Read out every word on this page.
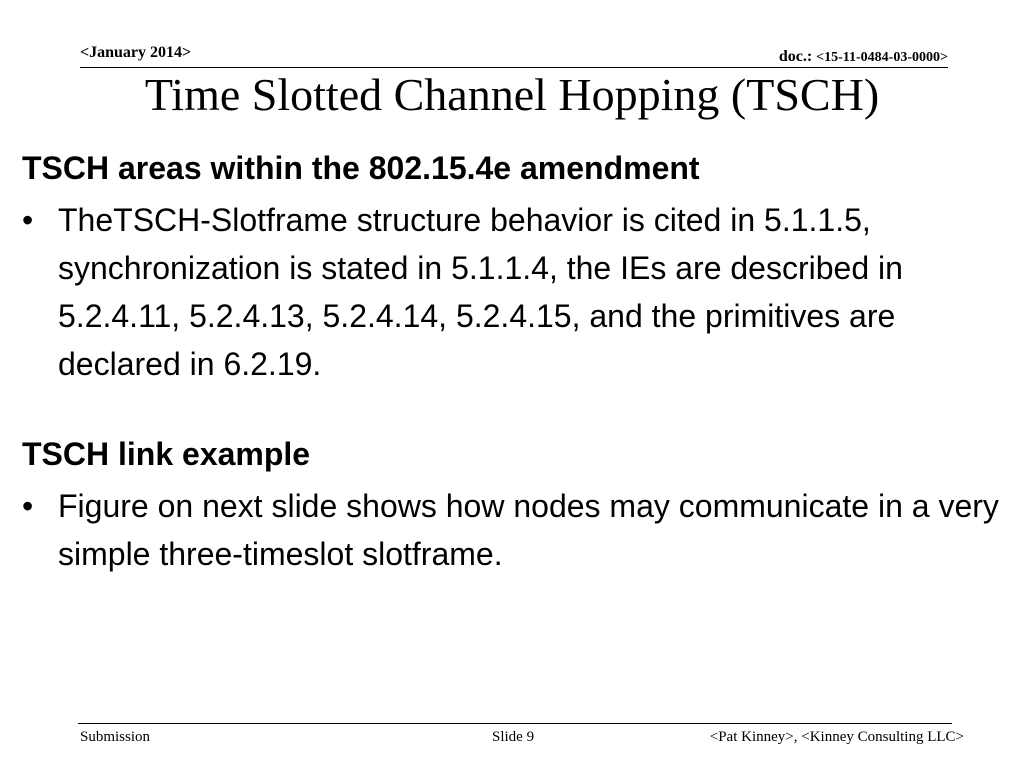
<January 2014>	doc.: <15-11-0484-03-0000>
Time Slotted Channel Hopping (TSCH)
TSCH areas within the 802.15.4e amendment
• TheTSCH-Slotframe structure behavior is cited in 5.1.1.5, synchronization is stated in 5.1.1.4, the IEs are described in 5.2.4.11, 5.2.4.13, 5.2.4.14, 5.2.4.15, and the primitives are declared in 6.2.19.
TSCH link example
• Figure on next slide shows how nodes may communicate in a very simple three-timeslot slotframe.
Submission	Slide 9	<Pat Kinney>, <Kinney Consulting LLC>
